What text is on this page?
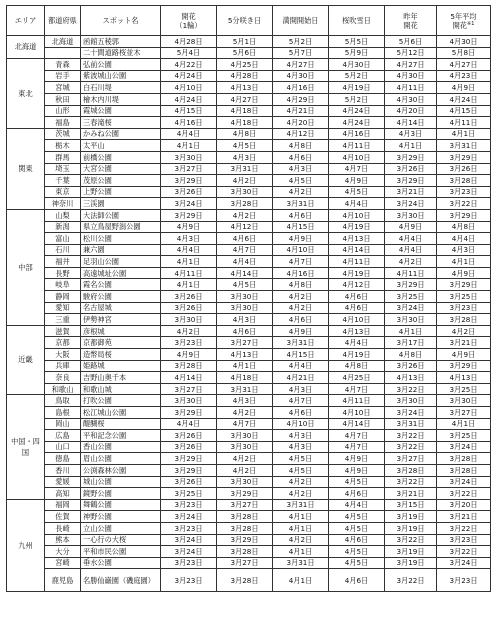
エリア	都道府県	スポット名	開花
（1輪）	5分咲き日	満開開始日	桜吹雪日	昨年
開花	5年平均
開花$^{※1}$
北海道	北海道	函館五稜郭	4月28日	5月1日	5月2日	5月5日	5月6日	4月30日
		二十間道路桜並木	5月4日	5月6日	5月7日	5月9日	5月12日	5月8日
東北	青森	弘前公園	4月22日	4月25日	4月27日	4月30日	4月27日	4月27日
	岩手	紫波城山公園	4月24日	4月28日	4月30日	5月2日	4月30日	4月23日
	宮城	白石川堤	4月10日	4月13日	4月16日	4月19日	4月11日	4月9日
	秋田	檜木内川堤	4月24日	4月27日	4月29日	5月2日	4月30日	4月24日
	山形	霞城公園	4月15日	4月18日	4月21日	4月24日	4月20日	4月15日
	福島	三春滝桜	4月16日	4月18日	4月20日	4月24日	4月14日	4月11日
関東	茨城	かみね公園	4月4日	4月8日	4月12日	4月16日	4月3日	4月1日
	栃木	太平山	4月1日	4月5日	4月8日	4月11日	4月1日	3月31日
	群馬	前橋公園	3月30日	4月3日	4月6日	4月10日	3月29日	3月29日
	埼玉	大宮公園	3月27日	3月31日	4月3日	4月7日	3月26日	3月26日
	千葉	茂原公園	3月29日	4月2日	4月5日	4月9日	3月29日	3月28日
	東京	上野公園	3月26日	3月30日	4月2日	4月5日	3月21日	3月23日
	神奈川	三渓園	3月24日	3月28日	3月31日	4月4日	3月24日	3月22日
中部	山梨	大法師公園	3月29日	4月2日	4月6日	4月10日	3月30日	3月29日
	新潟	県立鳥屋野潟公園	4月9日	4月12日	4月15日	4月19日	4月9日	4月8日
	富山	松川公園	4月3日	4月6日	4月9日	4月13日	4月4日	4月4日
	石川	兼六園	4月4日	4月7日	4月10日	4月14日	4月4日	4月3日
	福井	足羽山公園	4月1日	4月4日	4月7日	4月11日	4月2日	4月1日
	長野	高遠城址公園	4月11日	4月14日	4月16日	4月19日	4月11日	4月9日
	岐阜	霞名公園	4月1日	4月5日	4月8日	4月12日	3月29日	3月29日
	静岡	駿府公園	3月26日	3月30日	4月2日	4月6日	3月25日	3月25日
	愛知	名古屋城	3月26日	3月30日	4月2日	4月6日	3月24日	3月23日
	三重	伊勢神宮	3月30日	4月3日	4月6日	4月10日	3月30日	3月28日
近畿	滋賀	彦根城	4月2日	4月6日	4月9日	4月13日	4月1日	4月2日
	京都	京都御苑	3月23日	3月27日	3月31日	4月4日	3月17日	3月21日
	大阪	造幣局桜	4月9日	4月13日	4月15日	4月19日	4月8日	4月9日
	兵庫	姫路城	3月28日	4月1日	4月4日	4月8日	3月26日	3月29日
	奈良	吉野山奥千本	4月14日	4月18日	4月21日	4月25日	4月13日	4月13日
	和歌山	和歌山城	3月27日	3月31日	4月3日	4月7日	3月22日	3月25日
中国・四国	鳥取	打吹公園	3月30日	4月3日	4月7日	4月11日	3月30日	3月30日
	島根	松江城山公園	3月29日	4月2日	4月6日	4月10日	3月24日	3月27日
	岡山	醍醐桜	4月4日	4月7日	4月10日	4月14日	3月31日	4月1日
	広島	平和記念公園	3月26日	3月30日	4月3日	4月7日	3月22日	3月25日
	山口	香山公園	3月26日	3月30日	4月3日	4月7日	3月22日	3月24日
	徳島	眉山公園	3月29日	4月2日	4月5日	4月9日	3月27日	3月28日
	香川	公渕森林公園	3月29日	4月2日	4月5日	4月9日	3月28日	3月28日
	愛媛	城山公園	3月26日	3月30日	4月2日	4月5日	3月22日	3月24日
	高知	鏡野公園	3月25日	3月29日	4月2日	4月6日	3月21日	3月22日
九州	福岡	舞鶴公園	3月23日	3月27日	3月31日	4月4日	3月15日	3月20日
	佐賀	神野公園	3月24日	3月28日	4月1日	4月5日	3月19日	3月21日
	長崎	立山公園	3月23日	3月28日	4月1日	4月5日	3月19日	3月22日
	熊本	一心行の大桜	3月24日	3月29日	4月2日	4月6日	3月22日	3月23日
	大分	平和市民公園	3月24日	3月28日	4月1日	4月5日	3月19日	3月22日
	宮崎	垂水公園	3月23日	3月27日	3月31日	4月5日	3月19日	3月24日
	鹿児島	名勝仙巌園（磯庭園）	3月23日	3月28日	4月1日	4月6日	3月22日	3月23日
